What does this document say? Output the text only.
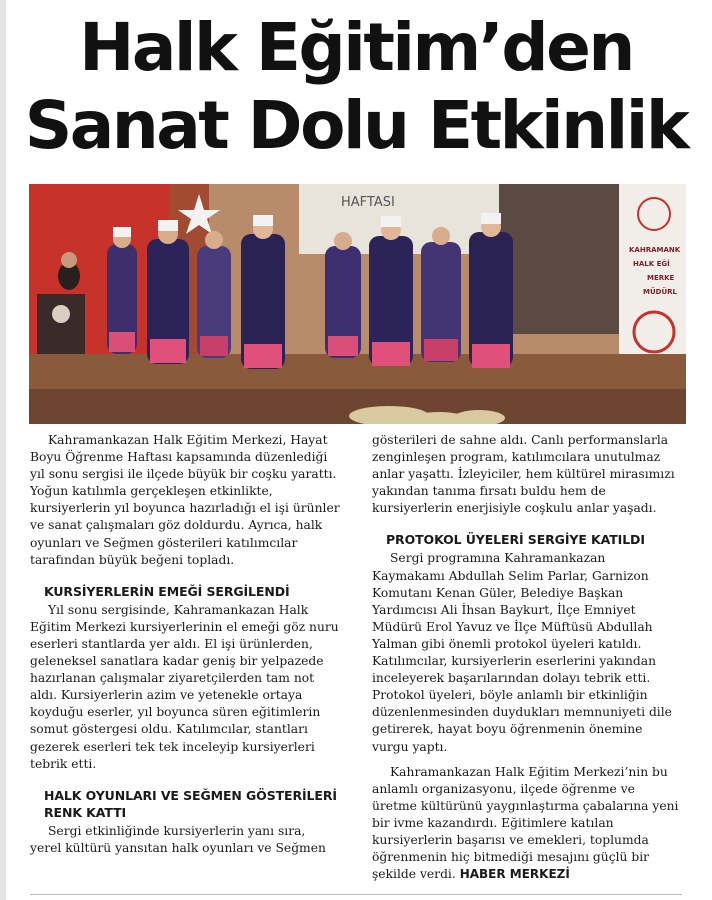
Halk Eğitim’den
Sanat Dolu Etkinlik
HAFTASI
KAHRAMANK
HALK EĞİ
MERKE
MÜDÜRL

Kahramankazan Halk Eğitim Merkezi, Hayat Boyu Öğrenme Haftası kapsamında düzenlediği yıl sonu sergisi ile ilçede büyük bir coşku yarattı. Yoğun katılımla gerçekleşen etkinlikte, kursiyerlerin yıl boyunca hazırladığı el işi ürünler ve sanat çalışmaları göz doldurdu. Ayrıca, halk oyunları ve Seğmen gösterileri katılımcılar tarafından büyük beğeni topladı.

KURSİYERLERİN EMEĞİ SERGİLENDİ

Yıl sonu sergisinde, Kahramankazan Halk Eğitim Merkezi kursiyerlerinin el emeği göz nuru eserleri stantlarda yer aldı. El işi ürünlerden, geleneksel sanatlara kadar geniş bir yelpazede hazırlanan çalışmalar ziyaretçilerden tam not aldı. Kursiyerlerin azim ve yetenekle ortaya koyduğu eserler, yıl boyunca süren eğitimlerin somut göstergesi oldu. Katılımcılar, stantları gezerek eserleri tek tek inceleyip kursiyerleri tebrik etti.

HALK OYUNLARI VE SEĞMEN GÖSTERİLERİ RENK KATTI

Sergi etkinliğinde kursiyerlerin yanı sıra, yerel kültürü yansıtan halk oyunları ve Seğmen

gösterileri de sahne aldı. Canlı performanslarla zenginleşen program, katılımcılara unutulmaz anlar yaşattı. İzleyiciler, hem kültürel mirasımızı yakından tanıma fırsatı buldu hem de kursiyerlerin enerjisiyle coşkulu anlar yaşadı.

PROTOKOL ÜYELERİ SERGİYE KATILDI

Sergi programına Kahramankazan Kaymakamı Abdullah Selim Parlar, Garnizon Komutanı Kenan Güler, Belediye Başkan Yardımcısı Ali İhsan Baykurt, İlçe Emniyet Müdürü Erol Yavuz ve İlçe Müftüsü Abdullah Yalman gibi önemli protokol üyeleri katıldı. Katılımcılar, kursiyerlerin eserlerini yakından inceleyerek başarılarından dolayı tebrik etti. Protokol üyeleri, böyle anlamlı bir etkinliğin düzenlenmesinden duydukları memnuniyeti dile getirerek, hayat boyu öğrenmenin önemine vurgu yaptı.

Kahramankazan Halk Eğitim Merkezi’nin bu anlamlı organizasyonu, ilçede öğrenme ve üretme kültürünü yaygınlaştırma çabalarına yeni bir ivme kazandırdı. Eğitimlere katılan kursiyerlerin başarısı ve emekleri, toplumda öğrenmenin hiç bitmediği mesajını güçlü bir şekilde verdi. HABER MERKEZİ
